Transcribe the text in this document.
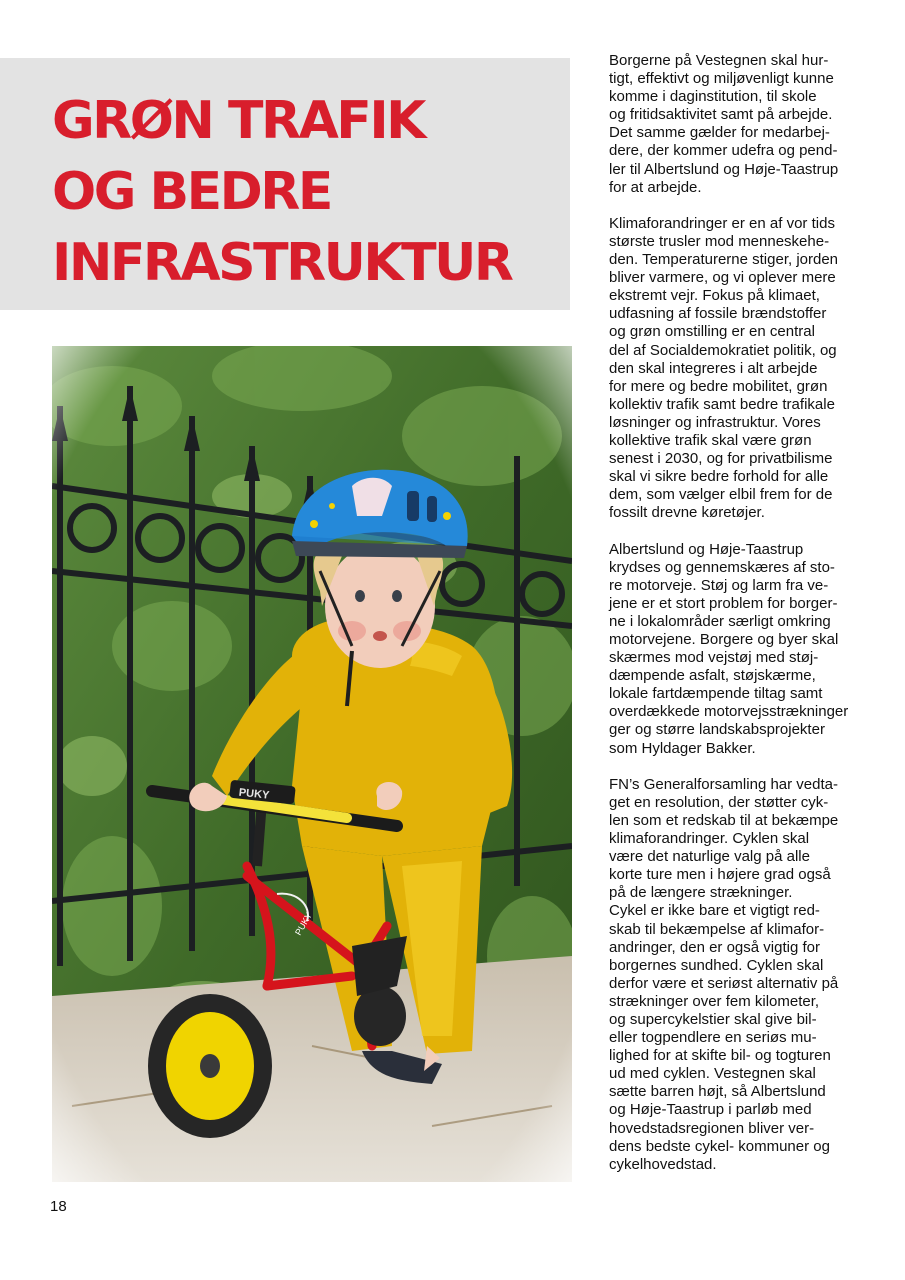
GRØN TRAFIK
OG BEDRE
INFRASTRUKTUR

Borgerne på Vestegnen skal hur-
tigt, effektivt og miljøvenligt kunne
komme i daginstitution, til skole
og fritidsaktivitet samt på arbejde.
Det samme gælder for medarbej-
dere, der kommer udefra og pend-
ler til Albertslund og Høje-Taastrup
for at arbejde.

Klimaforandringer er en af vor tids
største trusler mod menneskehe-
den. Temperaturerne stiger, jorden
bliver varmere, og vi oplever mere
ekstremt vejr. Fokus på klimaet,
udfasning af fossile brændstoffer
og grøn omstilling er en central
del af Socialdemokratiet politik, og
den skal integreres i alt arbejde
for mere og bedre mobilitet, grøn
kollektiv trafik samt bedre trafikale
løsninger og infrastruktur. Vores
kollektive trafik skal være grøn
senest i 2030, og for privatbilisme
skal vi sikre bedre forhold for alle
dem, som vælger elbil frem for de
fossilt drevne køretøjer.

Albertslund og Høje-Taastrup
krydses og gennemskæres af sto-
re motorveje. Støj og larm fra ve-
jene er et stort problem for borger-
ne i lokalområder særligt omkring
motorvejene. Borgere og byer skal
skærmes mod vejstøj med støj-
dæmpende asfalt, støjskærme,
lokale fartdæmpende tiltag samt
overdækkede motorvejsstrækninger
ger og større landskabsprojekter
som Hyldager Bakker.

FN’s Generalforsamling har vedta-
get en resolution, der støtter cyk-
len som et redskab til at bekæmpe
klimaforandringer. Cyklen skal
være det naturlige valg på alle
korte ture men i højere grad også
på de længere strækninger.
Cykel er ikke bare et vigtigt red-
skab til bekæmpelse af klimafor-
andringer, den er også vigtig for
borgernes sundhed. Cyklen skal
derfor være et seriøst alternativ på
strækninger over fem kilometer,
og supercykelstier skal give bil-
eller togpendlere en seriøs mu-
lighed for at skifte bil- og togturen
ud med cyklen. Vestegnen skal
sætte barren højt, så Albertslund
og Høje-Taastrup i parløb med
hovedstadsregionen bliver ver-
dens bedste cykel- kommuner og
cykelhovedstad.

18
